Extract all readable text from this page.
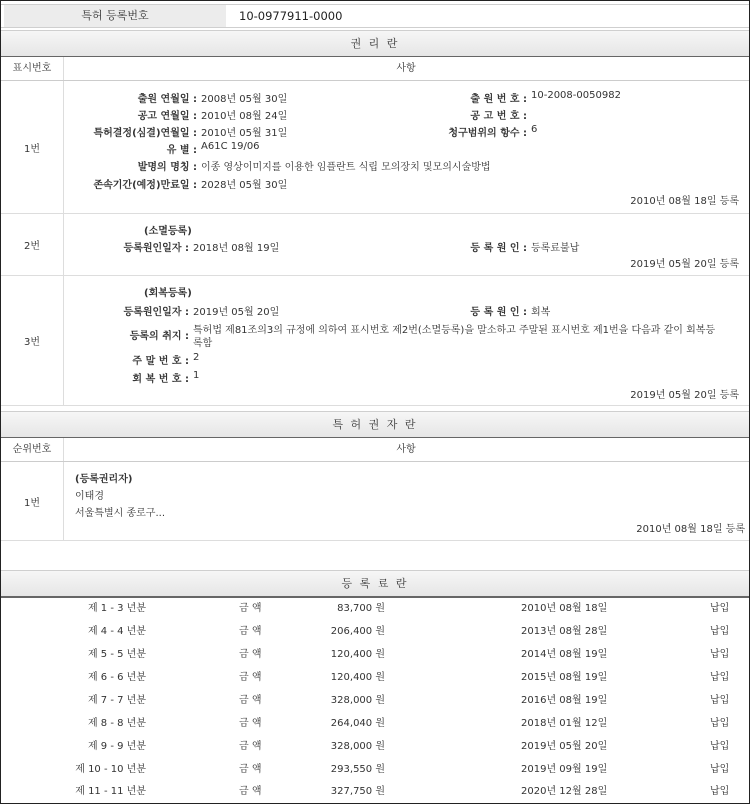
특허 등록번호	10-0977911-0000
권 리 란
표시번호	사항
1번
출원 연월일 : 2008년 05월 30일	출 원 번 호 : 10-2008-0050982
공고 연월일 : 2010년 08월 24일	공 고 번 호 :
특허결정(심결)연월일 : 2010년 05월 31일	청구범위의 항수 : 6
유 별 : A61C 19/06
발명의 명칭 : 이종 영상이미지를 이용한 임플란트 식립 모의장치 및모의시술방법
존속기간(예정)만료일 : 2028년 05월 30일
2010년 08월 18일 등록
2번
(소멸등록)
등록원인일자 : 2018년 08월 19일	등 록 원 인 : 등록료불납
2019년 05월 20일 등록
3번
(회복등록)
등록원인일자 : 2019년 05월 20일	등 록 원 인 : 회복
등록의 취지 :
특허법 제81조의3의 규정에 의하여 표시번호 제2번(소멸등록)을 말소하고 주말된 표시번호 제1번을 다음과 같이 회복등
록함
주 말 번 호 : 2
회 복 번 호 : 1
2019년 05월 20일 등록
특 허 권 자 란
순위번호	사항
1번
(등록권리자)
이태경
서울특별시 종로구...
2010년 08월 18일 등록
등 록 료 란
제 1 - 3 년분	금 액	83,700 원	2010년 08월 18일	납입
제 4 - 4 년분	금 액	206,400 원	2013년 08월 28일	납입
제 5 - 5 년분	금 액	120,400 원	2014년 08월 19일	납입
제 6 - 6 년분	금 액	120,400 원	2015년 08월 19일	납입
제 7 - 7 년분	금 액	328,000 원	2016년 08월 19일	납입
제 8 - 8 년분	금 액	264,040 원	2018년 01월 12일	납입
제 9 - 9 년분	금 액	328,000 원	2019년 05월 20일	납입
제 10 - 10 년분	금 액	293,550 원	2019년 09월 19일	납입
제 11 - 11 년분	금 액	327,750 원	2020년 12월 28일	납입
